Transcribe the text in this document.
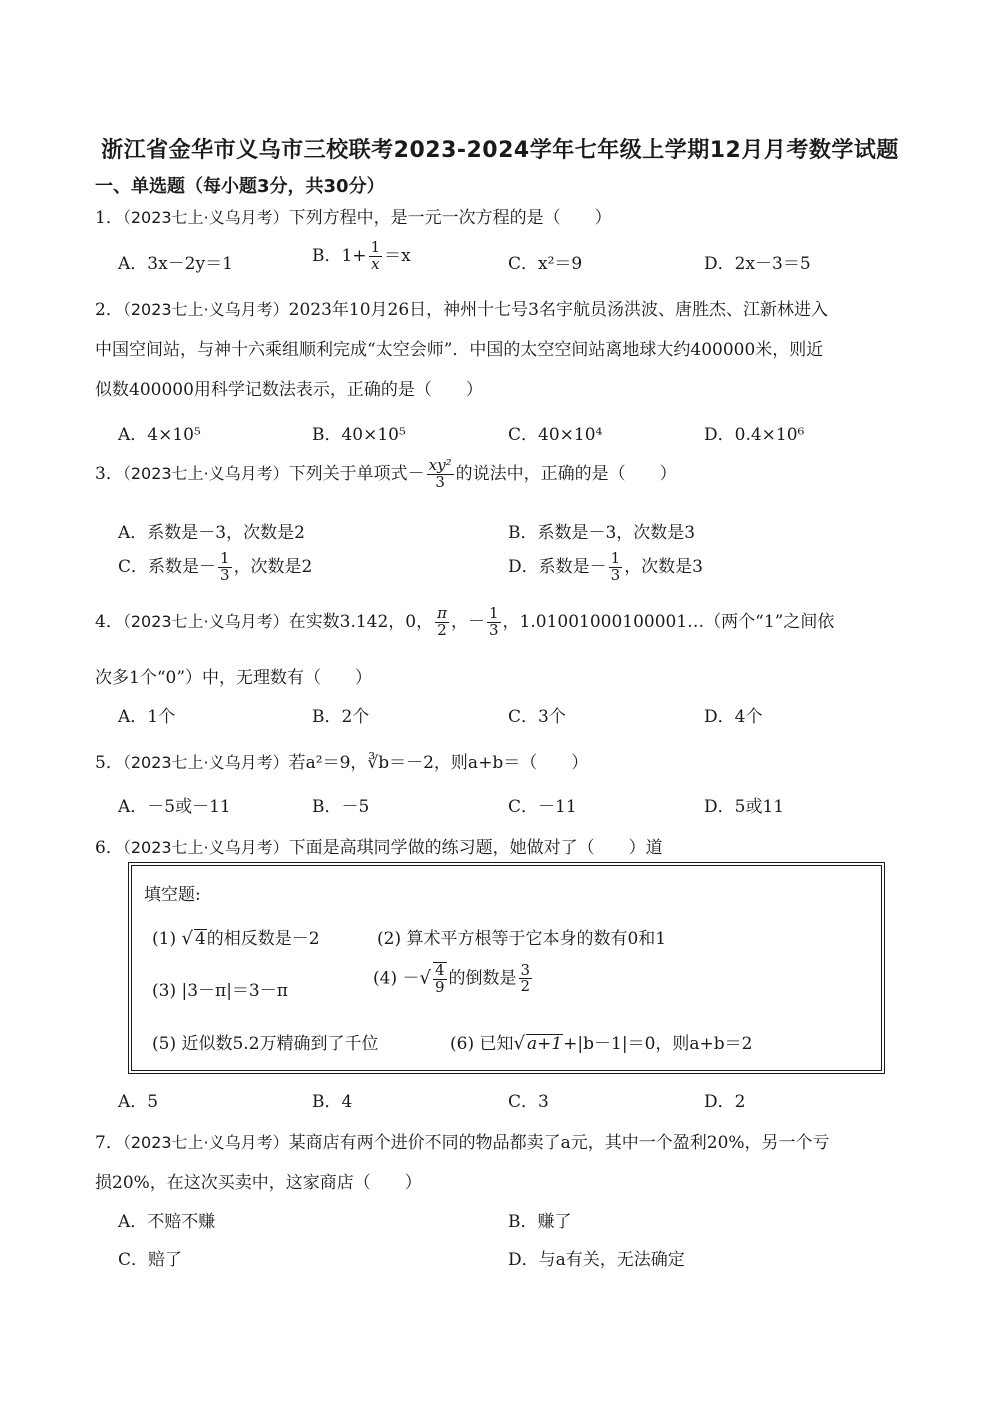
浙江省金华市义乌市三校联考2023-2024学年七年级上学期12月月考数学试题
一、单选题（每小题3分，共30分）
1．（2023七上·义乌月考）下列方程中，是一元一次方程的是（　　）
A．3x－2y＝1	B．$1+ \frac{1}{x} =x$	C．x²＝9	D．2x－3＝5
2．（2023七上·义乌月考）2023年10月26日，神州十七号3名宇航员汤洪波、唐胜杰、江新林进入
中国空间站，与神十六乘组顺利完成“太空会师”．中国的太空空间站离地球大约400000米，则近
似数400000用科学记数法表示，正确的是（　　）
A．4×10⁵	B．40×10⁵	C．40×10⁴	D．0.4×10⁶
3．（2023七上·义乌月考）下列关于单项式－ $\frac{\text{xy²}}{3}$ 的说法中，正确的是（　　）
A．系数是－3，次数是2	B．系数是－3，次数是3
C．系数是－ $\frac{1}{3}$ ，次数是2	D．系数是－ $\frac{1}{3}$ ，次数是3
4．（2023七上·义乌月考）在实数3.142，0， $\frac{\pi}{2}$ ，－ $\frac{1}{3}$ ，1.01001000100001…（两个“1”之间依
次多1个“0”）中，无理数有（　　）
A．1个	B．2个	C．3个	D．4个
5．（2023七上·义乌月考）若a²＝9，∛b＝－2，则a+b＝（　　）
A．－5或－11	B．－5	C．－11	D．5或11
6．（2023七上·义乌月考）下面是高琪同学做的练习题，她做对了（　　）道
填空题:
(1) √ 4的相反数是－2	(2) 算术平方根等于它本身的数有0和1
(3) |3－π|＝3－π
(4) －√ $\frac{4}{9}$ 的倒数是 $\frac{3}{2}$
(5) 近似数5.2万精确到了千位	(6) 已知√ a+1+|b－1|＝0，则a+b＝2
A．5	B．4	C．3	D．2
7．（2023七上·义乌月考）某商店有两个进价不同的物品都卖了a元，其中一个盈利20%，另一个亏
损20%，在这次买卖中，这家商店（　　）
A．不赔不赚	B．赚了
C．赔了	D．与a有关，无法确定
